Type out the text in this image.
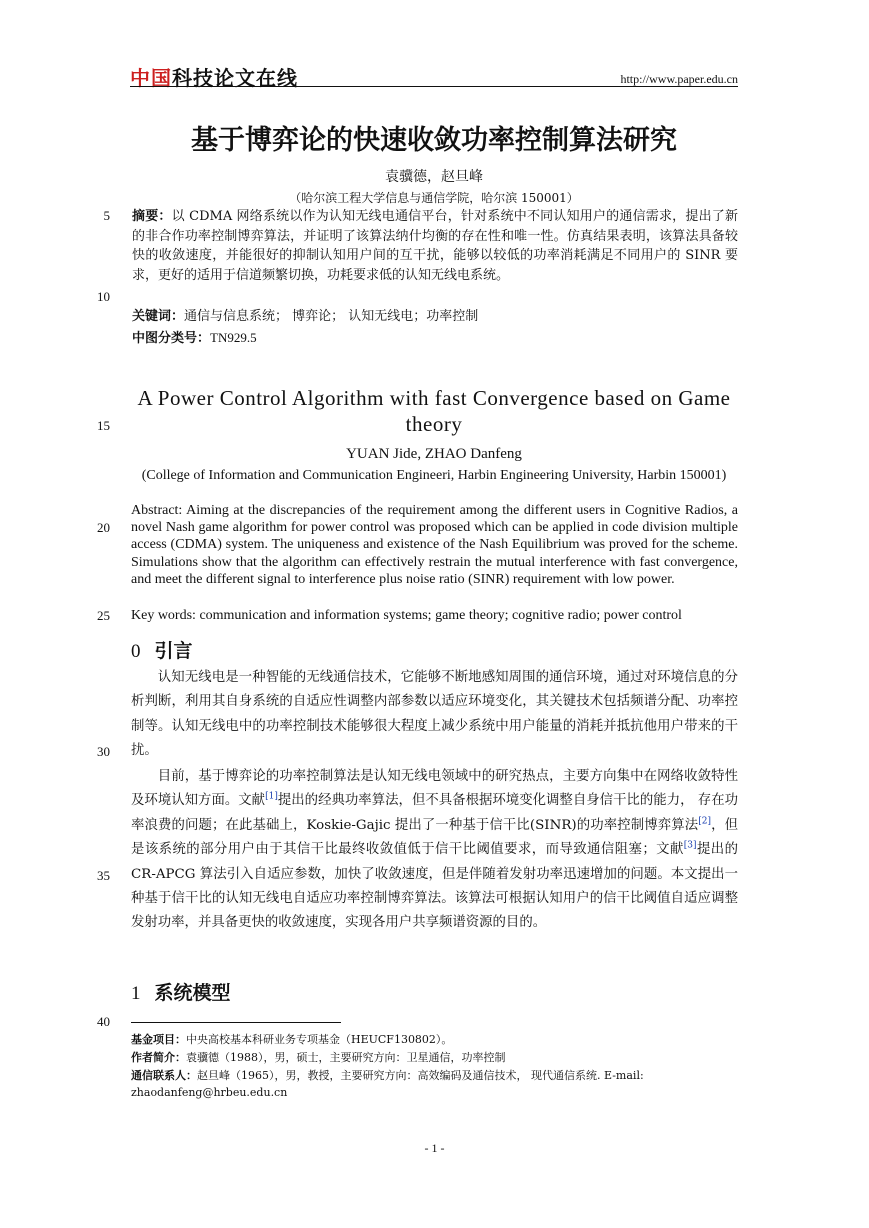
中国科技论文在线	http://www.paper.edu.cn
基于博弈论的快速收敛功率控制算法研究
袁骥德，赵旦峰
（哈尔滨工程大学信息与通信学院，哈尔滨 150001）
5
10
15
20
25
30
35
40
摘要：以 CDMA 网络系统以作为认知无线电通信平台，针对系统中不同认知用户的通信需求，提出了新的非合作功率控制博弈算法，并证明了该算法纳什均衡的存在性和唯一性。仿真结果表明，该算法具备较快的收敛速度，并能很好的抑制认知用户间的互干扰，能够以较低的功率消耗满足不同用户的 SINR 要求，更好的适用于信道频繁切换，功耗要求低的认知无线电系统。
关键词：通信与信息系统； 博弈论； 认知无线电；功率控制
中图分类号：TN929.5
A Power Control Algorithm with fast Convergence based on Game theory
YUAN Jide, ZHAO Danfeng
(College of Information and Communication Engineeri, Harbin Engineering University, Harbin 150001)
Abstract: Aiming at the discrepancies of the requirement among the different users in Cognitive Radios, a novel Nash game algorithm for power control was proposed which can be applied in code division multiple access (CDMA) system. The uniqueness and existence of the Nash Equilibrium was proved for the scheme. Simulations show that the algorithm can effectively restrain the mutual interference with fast convergence, and meet the different signal to interference plus noise ratio (SINR) requirement with low power.
Key words: communication and information systems; game theory; cognitive radio; power control
0 引言
认知无线电是一种智能的无线通信技术，它能够不断地感知周围的通信环境，通过对环境信息的分析判断，利用其自身系统的自适应性调整内部参数以适应环境变化，其关键技术包括频谱分配、功率控制等。认知无线电中的功率控制技术能够很大程度上减少系统中用户能量的消耗并抵抗他用户带来的干扰。
目前，基于博弈论的功率控制算法是认知无线电领域中的研究热点，主要方向集中在网络收敛特性及环境认知方面。文献[1]提出的经典功率算法，但不具备根据环境变化调整自身信干比的能力， 存在功率浪费的问题；在此基础上，Koskie-Gajic 提出了一种基于信干比(SINR)的功率控制博弈算法[2]，但是该系统的部分用户由于其信干比最终收敛值低于信干比阈值要求，而导致通信阻塞；文献[3]提出的 CR-APCG 算法引入自适应参数，加快了收敛速度，但是伴随着发射功率迅速增加的问题。本文提出一种基于信干比的认知无线电自适应功率控制博弈算法。该算法可根据认知用户的信干比阈值自适应调整发射功率，并具备更快的收敛速度，实现各用户共享频谱资源的目的。
1 系统模型
基金项目：中央高校基本科研业务专项基金（HEUCF130802）。
作者简介：袁骥德（1988），男，硕士，主要研究方向：卫星通信，功率控制
通信联系人：赵旦峰（1965），男，教授，主要研究方向：高效编码及通信技术， 现代通信系统. E-mail: zhaodanfeng@hrbeu.edu.cn
- 1 -
